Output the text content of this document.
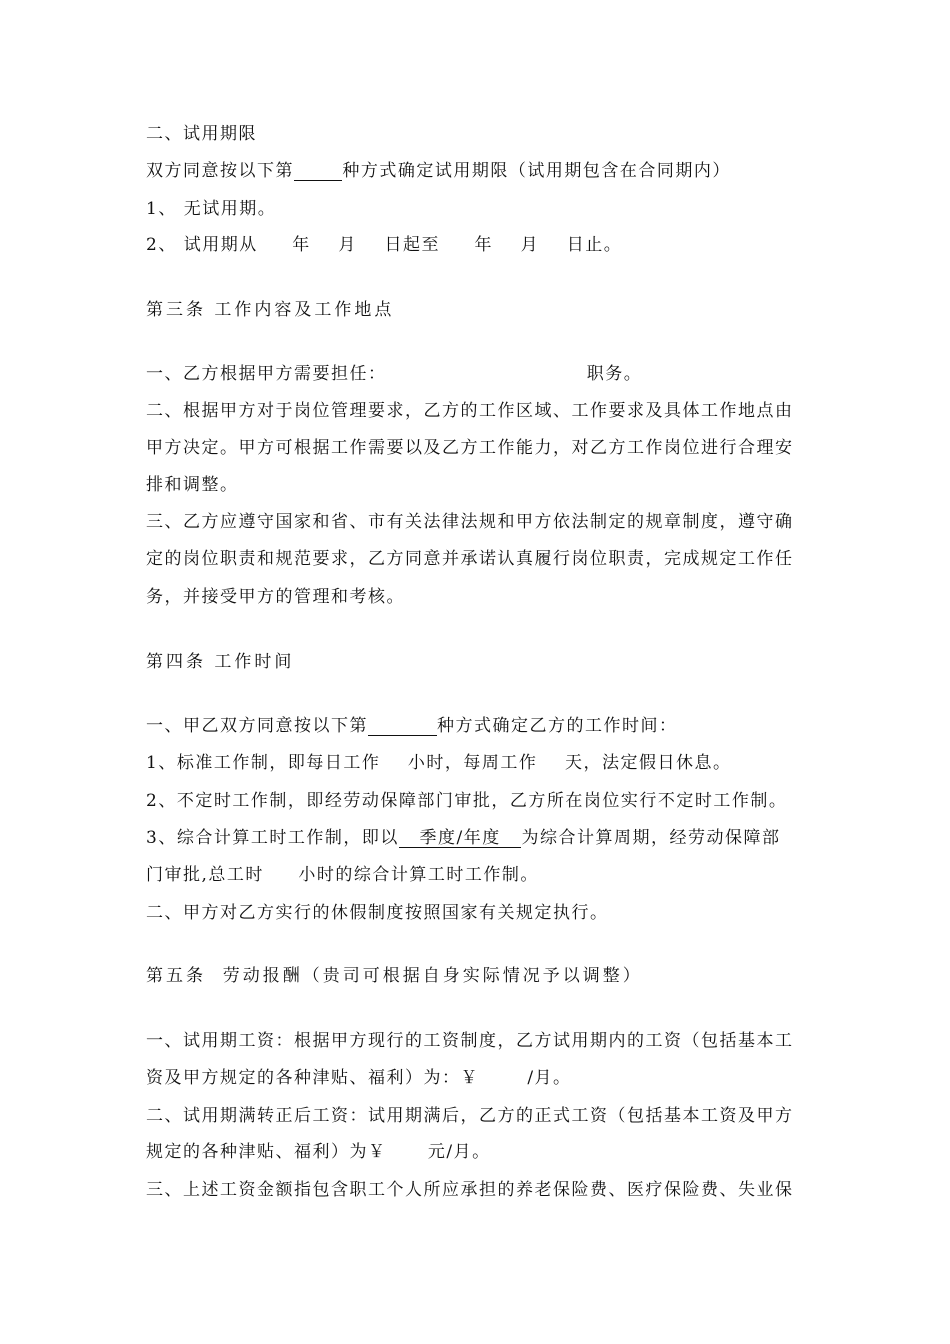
二、试用期限
双方同意按以下第	种方式确定试用期限（试用期包含在合同期内）
1、 无试用期。
2、 试用期从     年    月    日起至     年    月    日止。
第三条 工作内容及工作地点
一、乙方根据甲方需要担任：                             职务。
二、根据甲方对于岗位管理要求，乙方的工作区域、工作要求及具体工作地点由
甲方决定。甲方可根据工作需要以及乙方工作能力，对乙方工作岗位进行合理安
排和调整。
三、乙方应遵守国家和省、市有关法律法规和甲方依法制定的规章制度，遵守确
定的岗位职责和规范要求，乙方同意并承诺认真履行岗位职责，完成规定工作任
务，并接受甲方的管理和考核。
第四条 工作时间
一、甲乙双方同意按以下第	种方式确定乙方的工作时间：
1、标准工作制，即每日工作    小时，每周工作    天，法定假日休息。
2、不定时工作制，即经劳动保障部门审批，乙方所在岗位实行不定时工作制。
3、综合计算工时工作制，即以   季度/年度   为综合计算周期，经劳动保障部
门审批,总工时     小时的综合计算工时工作制。
二、甲方对乙方实行的休假制度按照国家有关规定执行。
第五条  劳动报酬（贵司可根据自身实际情况予以调整）
一、试用期工资：根据甲方现行的工资制度，乙方试用期内的工资（包括基本工
资及甲方规定的各种津贴、福利）为：￥       /月。
二、试用期满转正后工资：试用期满后，乙方的正式工资（包括基本工资及甲方
规定的各种津贴、福利）为￥      元/月。
三、上述工资金额指包含职工个人所应承担的养老保险费、医疗保险费、失业保
